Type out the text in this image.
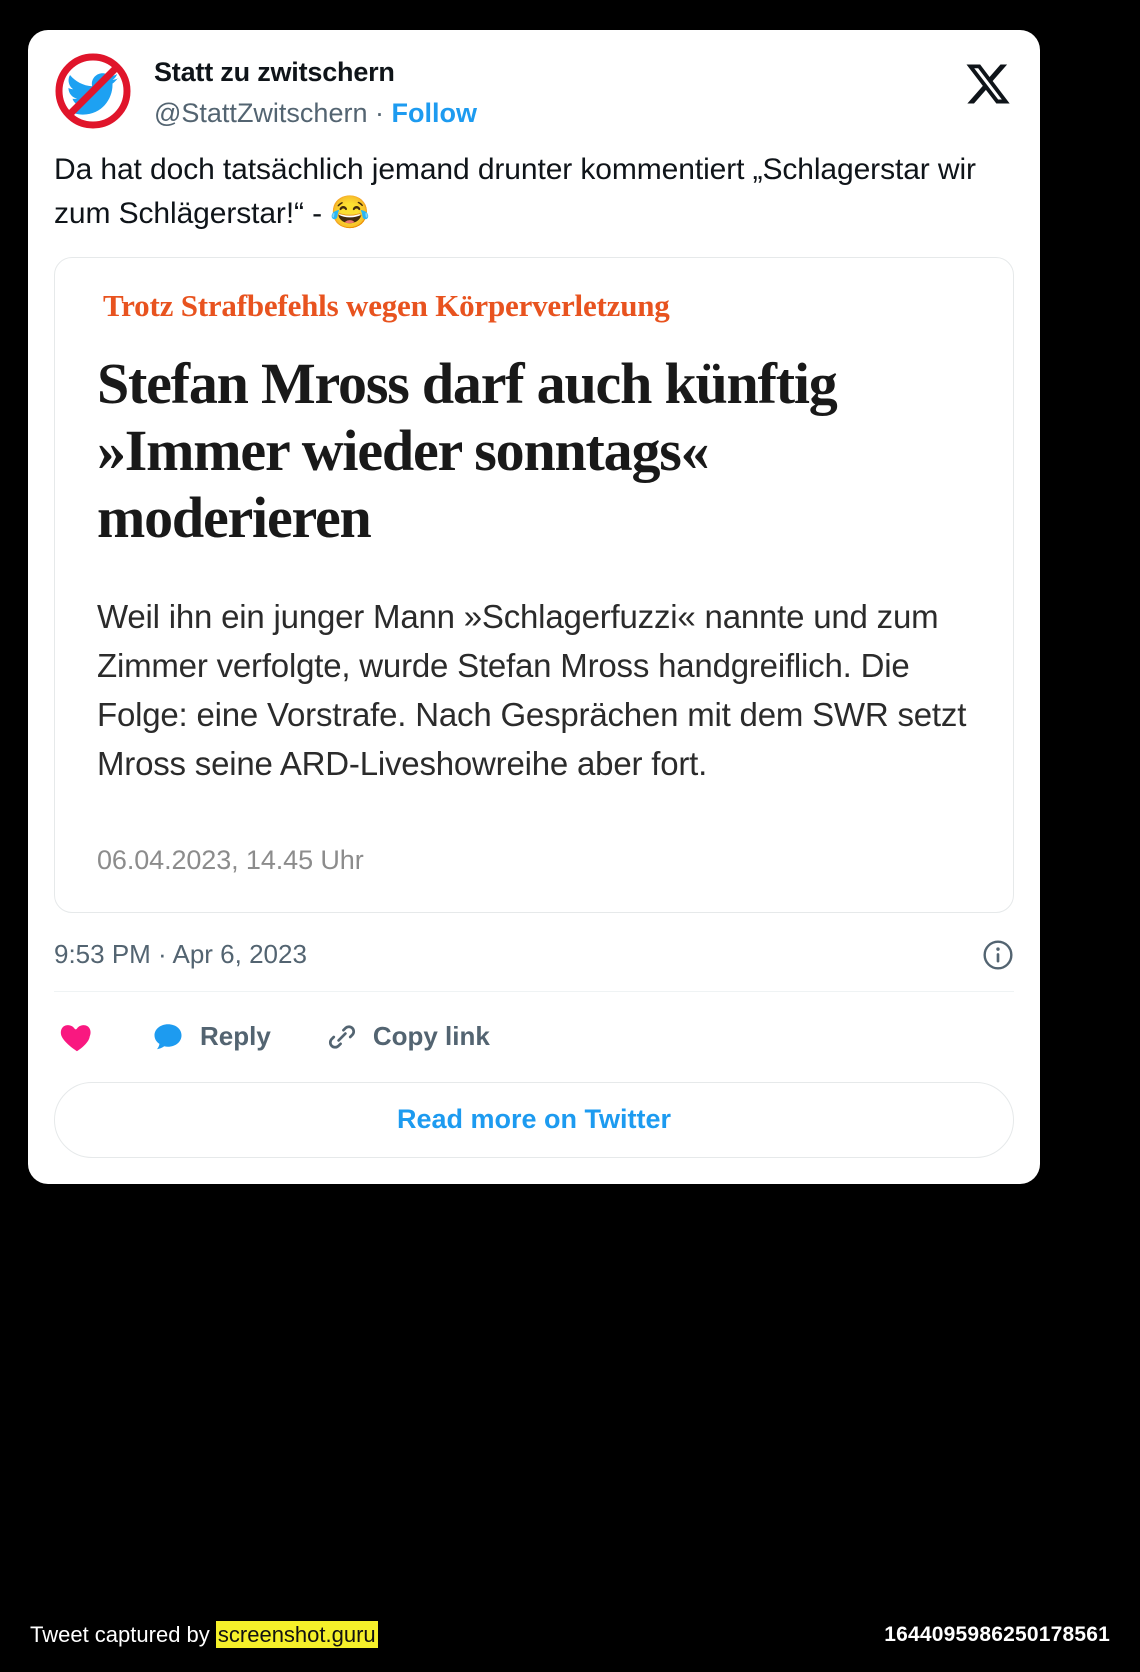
Statt zu zwitschern
@StattZwitschern · Follow
Da hat doch tatsächlich jemand drunter kommentiert „Schlagerstar wir zum Schlägerstar!“ - 😂
Trotz Strafbefehls wegen Körperverletzung
Stefan Mross darf auch künftig »Immer wieder sonntags« moderieren
Weil ihn ein junger Mann »Schlagerfuzzi« nannte und zum Zimmer verfolgte, wurde Stefan Mross handgreiflich. Die Folge: eine Vorstrafe. Nach Gesprächen mit dem SWR setzt Mross seine ARD-Liveshowreihe aber fort.
06.04.2023, 14.45 Uhr
9:53 PM · Apr 6, 2023
Reply	Copy link
Read more on Twitter
Tweet captured by screenshot.guru	1644095986250178561
